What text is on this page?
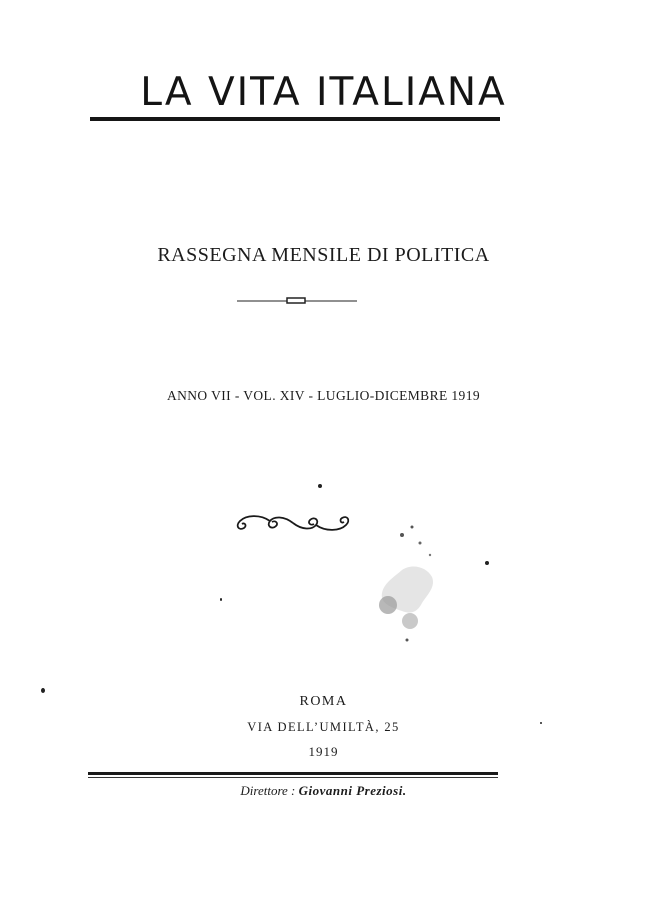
LA VITA ITALIANA
RASSEGNA MENSILE DI POLITICA
ANNO VII - VOL. XIV - LUGLIO-DICEMBRE 1919
ROMA
VIA DELL’UMILTÀ, 25
1919
Direttore : Giovanni Preziosi.
